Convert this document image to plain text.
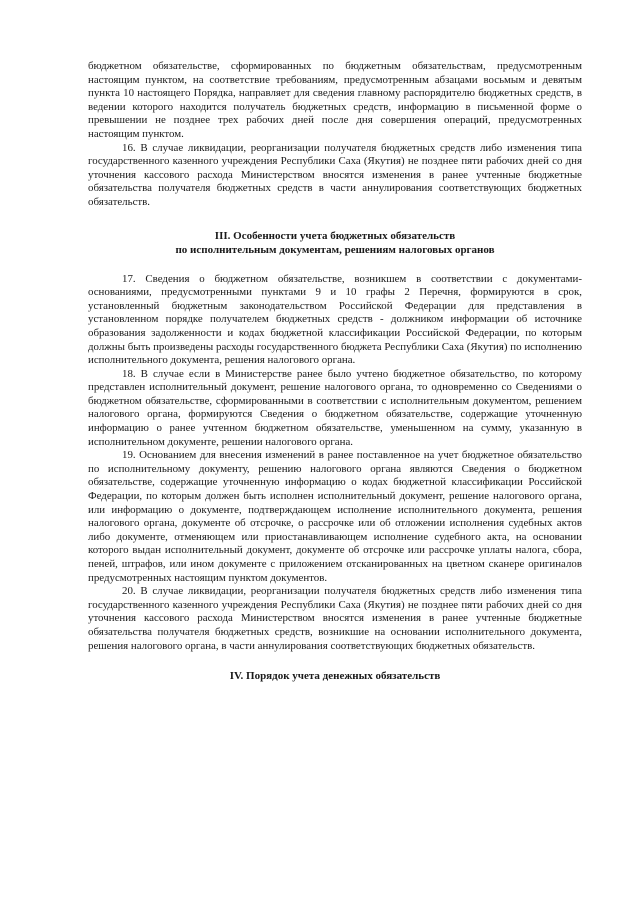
бюджетном обязательстве, сформированных по бюджетным обязательствам, предусмотренным настоящим пунктом, на соответствие требованиям, предусмотренным абзацами восьмым и девятым пункта 10 настоящего Порядка, направляет для сведения главному распорядителю бюджетных средств, в ведении которого находится получатель бюджетных средств, информацию в письменной форме о превышении не позднее трех рабочих дней после дня совершения операций, предусмотренных настоящим пунктом.

16. В случае ликвидации, реорганизации получателя бюджетных средств либо изменения типа государственного казенного учреждения Республики Саха (Якутия) не позднее пяти рабочих дней со дня уточнения кассового расхода Министерством вносятся изменения в ранее учтенные бюджетные обязательства получателя бюджетных средств в части аннулирования соответствующих бюджетных обязательств.

III. Особенности учета бюджетных обязательств

по исполнительным документам, решениям налоговых органов

17. Сведения о бюджетном обязательстве, возникшем в соответствии с документами-основаниями, предусмотренными пунктами 9 и 10 графы 2 Перечня, формируются в срок, установленный бюджетным законодательством Российской Федерации для представления в установленном порядке получателем бюджетных средств - должником информации об источнике образования задолженности и кодах бюджетной классификации Российской Федерации, по которым должны быть произведены расходы государственного бюджета Республики Саха (Якутия) по исполнению исполнительного документа, решения налогового органа.

18. В случае если в Министерстве ранее было учтено бюджетное обязательство, по которому представлен исполнительный документ, решение налогового органа, то одновременно со Сведениями о бюджетном обязательстве, сформированными в соответствии с исполнительным документом, решением налогового органа, формируются Сведения о бюджетном обязательстве, содержащие уточненную информацию о ранее учтенном бюджетном обязательстве, уменьшенном на сумму, указанную в исполнительном документе, решении налогового органа.

19. Основанием для внесения изменений в ранее поставленное на учет бюджетное обязательство по исполнительному документу, решению налогового органа являются Сведения о бюджетном обязательстве, содержащие уточненную информацию о кодах бюджетной классификации Российской Федерации, по которым должен быть исполнен исполнительный документ, решение налогового органа, или информацию о документе, подтверждающем исполнение исполнительного документа, решения налогового органа, документе об отсрочке, о рассрочке или об отложении исполнения судебных актов либо документе, отменяющем или приостанавливающем исполнение судебного акта, на основании которого выдан исполнительный документ, документе об отсрочке или рассрочке уплаты налога, сбора, пеней, штрафов, или ином документе с приложением отсканированных на цветном сканере оригиналов предусмотренных настоящим пунктом документов.

20. В случае ликвидации, реорганизации получателя бюджетных средств либо изменения типа государственного казенного учреждения Республики Саха (Якутия) не позднее пяти рабочих дней со дня уточнения кассового расхода Министерством вносятся изменения в ранее учтенные бюджетные обязательства получателя бюджетных средств, возникшие на основании исполнительного документа, решения налогового органа, в части аннулирования соответствующих бюджетных обязательств.

IV. Порядок учета денежных обязательств
